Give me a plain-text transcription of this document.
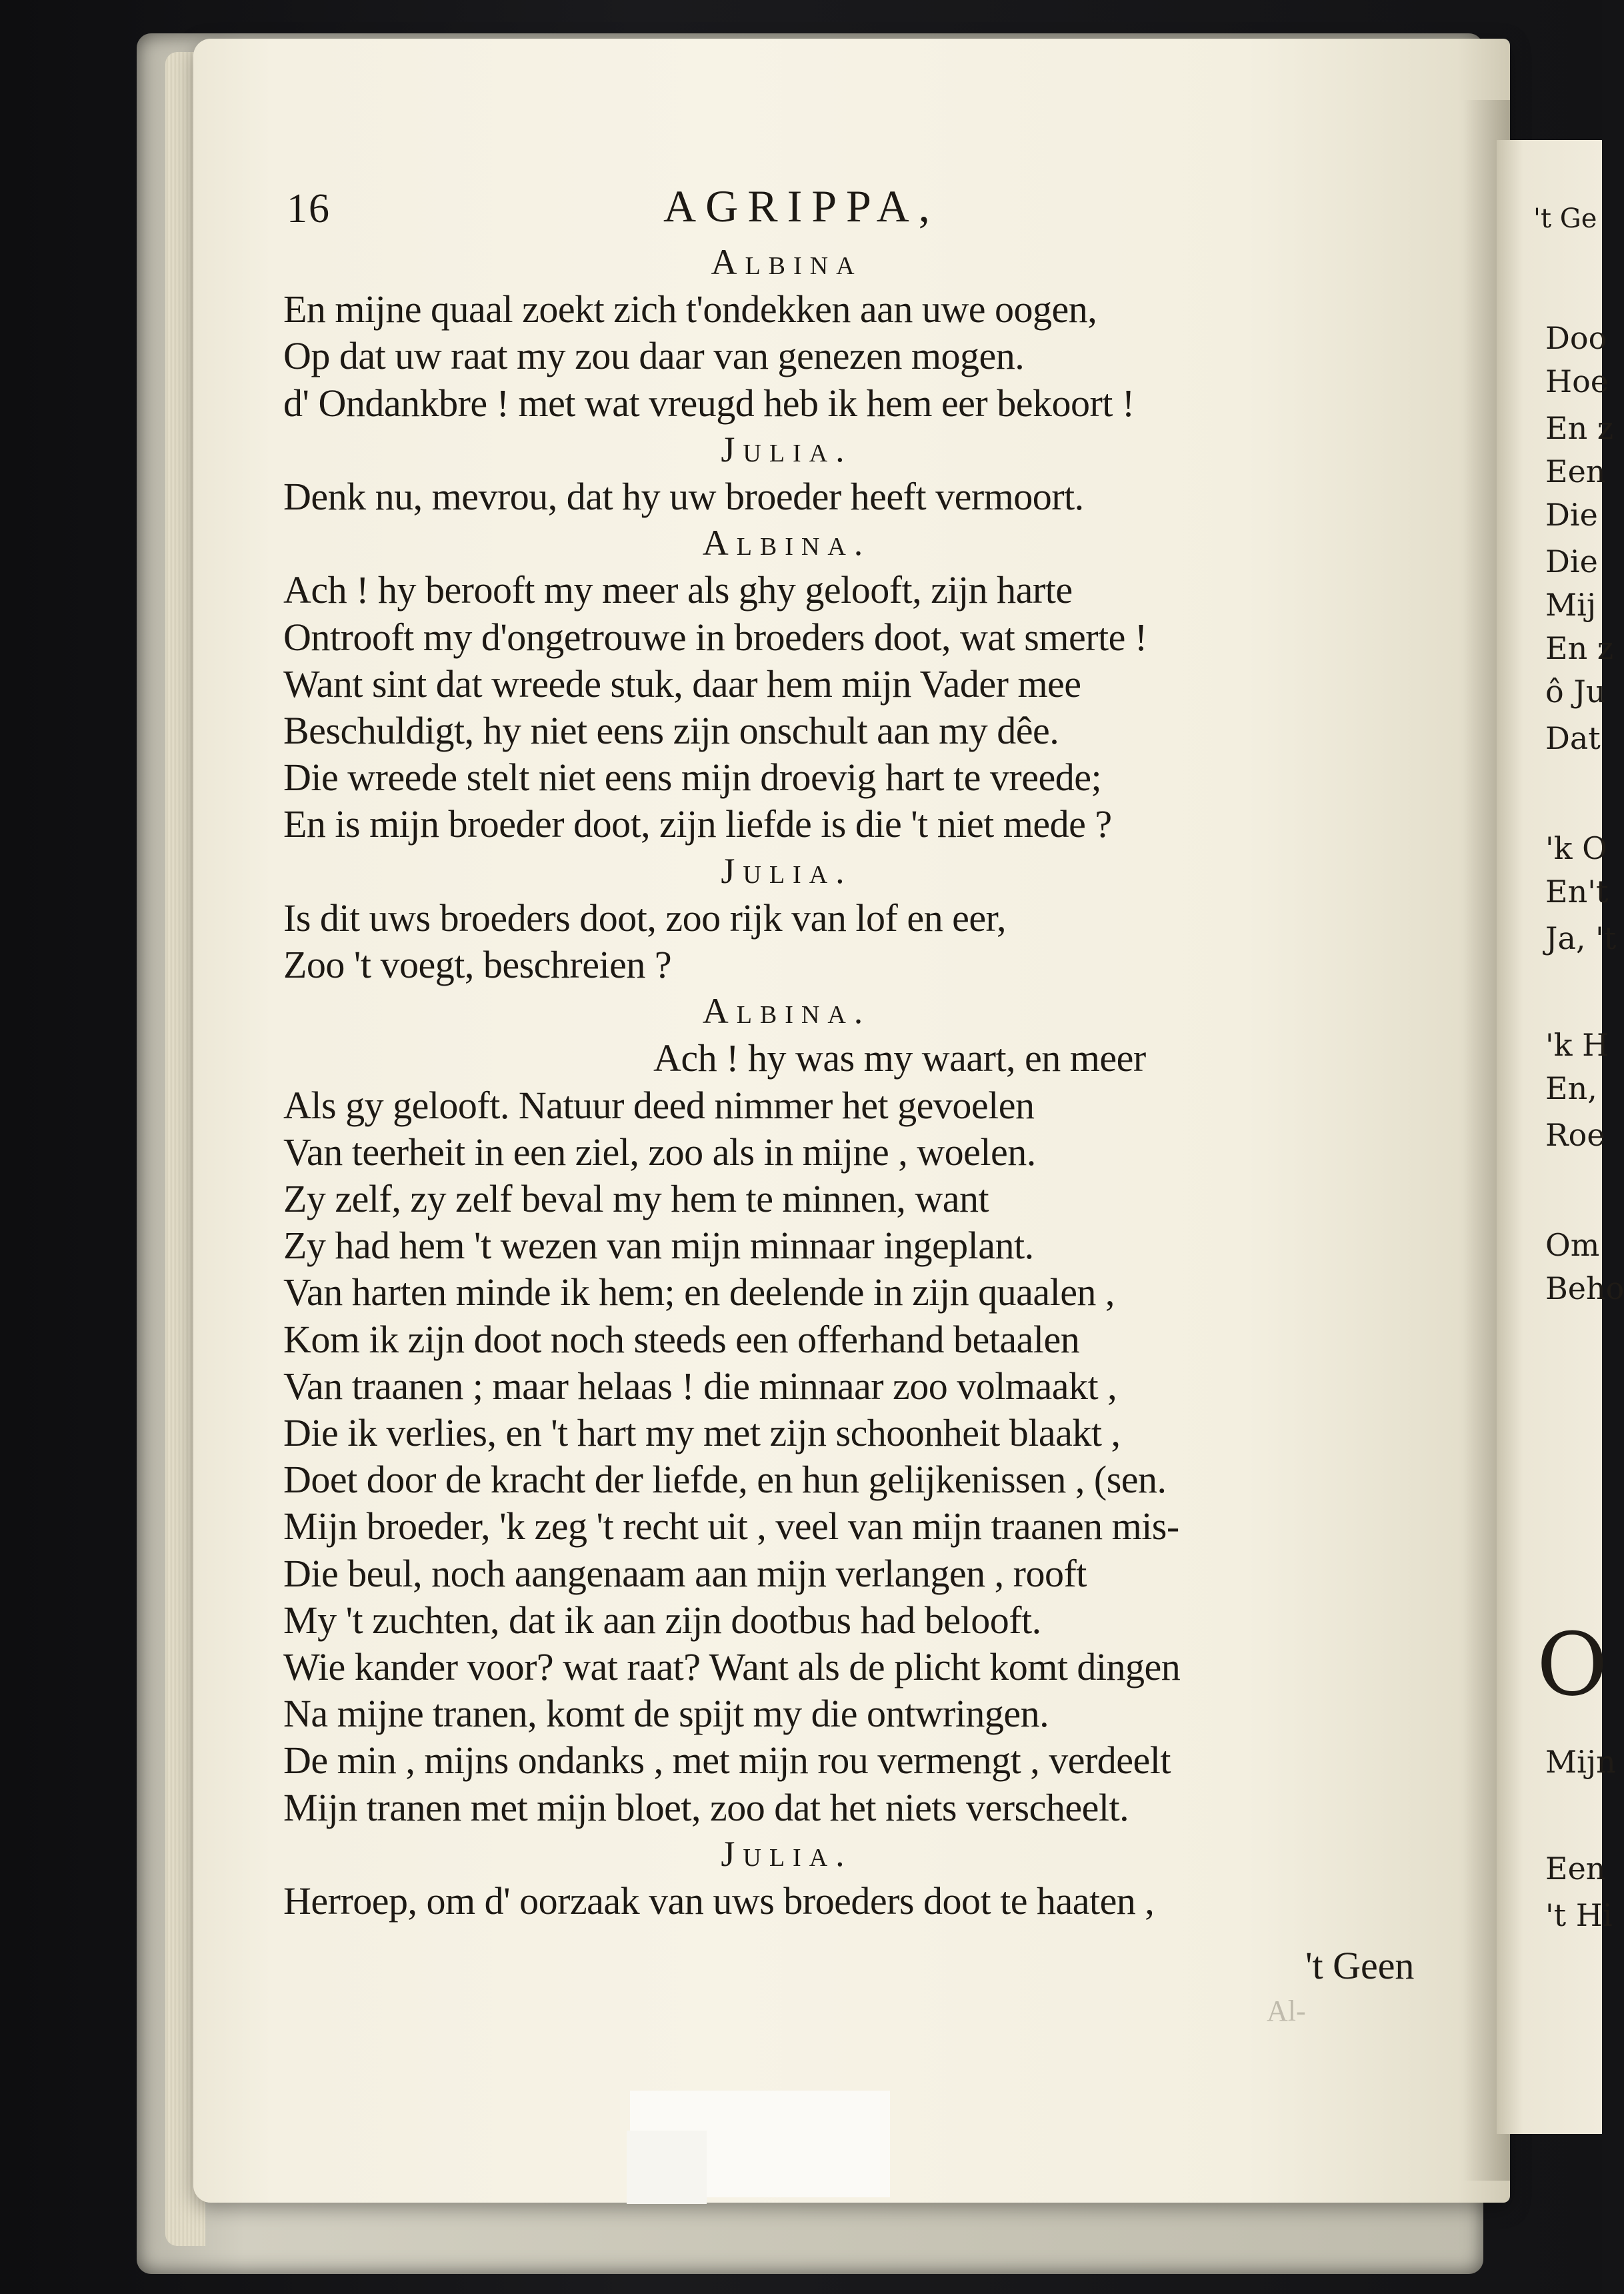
't Ge
Doo
Hoe
En z
Een
Die
Die
Mij
En z
ô Ju
Dat
'k O
En't
Ja, 't
'k H
En,
Roe
Om
Beho
Mijn
Een
't Hi
O
16	AGRIPPA,
Albina
En mijne quaal zoekt zich t'ondekken aan uwe oogen,
Op dat uw raat my zou daar van genezen mogen.
d' Ondankbre ! met wat vreugd heb ik hem eer bekoort !
Julia.
Denk nu, mevrou, dat hy uw broeder heeft vermoort.
Albina.
Ach ! hy berooft my meer als ghy gelooft, zijn harte
Ontrooft my d'ongetrouwe in broeders doot, wat smerte !
Want sint dat wreede stuk, daar hem mijn Vader mee
Beschuldigt, hy niet eens zijn onschult aan my dêe.
Die wreede stelt niet eens mijn droevig hart te vreede;
En is mijn broeder doot, zijn liefde is die 't niet mede ?
Julia.
Is dit uws broeders doot, zoo rijk van lof en eer,
Zoo 't voegt, beschreien ?
Albina.
Ach ! hy was my waart, en meer
Als gy gelooft. Natuur deed nimmer het gevoelen
Van teerheit in een ziel, zoo als in mijne , woelen.
Zy zelf, zy zelf beval my hem te minnen, want
Zy had hem 't wezen van mijn minnaar ingeplant.
Van harten minde ik hem; en deelende in zijn quaalen ,
Kom ik zijn doot noch steeds een offerhand betaalen
Van traanen ; maar helaas ! die minnaar zoo volmaakt ,
Die ik verlies, en 't hart my met zijn schoonheit blaakt ,
Doet door de kracht der liefde, en hun gelijkenissen , (sen.
Mijn broeder, 'k zeg 't recht uit , veel van mijn traanen mis-
Die beul, noch aangenaam aan mijn verlangen , rooft
My 't zuchten, dat ik aan zijn dootbus had belooft.
Wie kander voor? wat raat? Want als de plicht komt dingen
Na mijne tranen, komt de spijt my die ontwringen.
De min , mijns ondanks , met mijn rou vermengt , verdeelt
Mijn tranen met mijn bloet, zoo dat het niets verscheelt.
Julia.
Herroep, om d' oorzaak van uws broeders doot te haaten ,
't Geen
Al-
